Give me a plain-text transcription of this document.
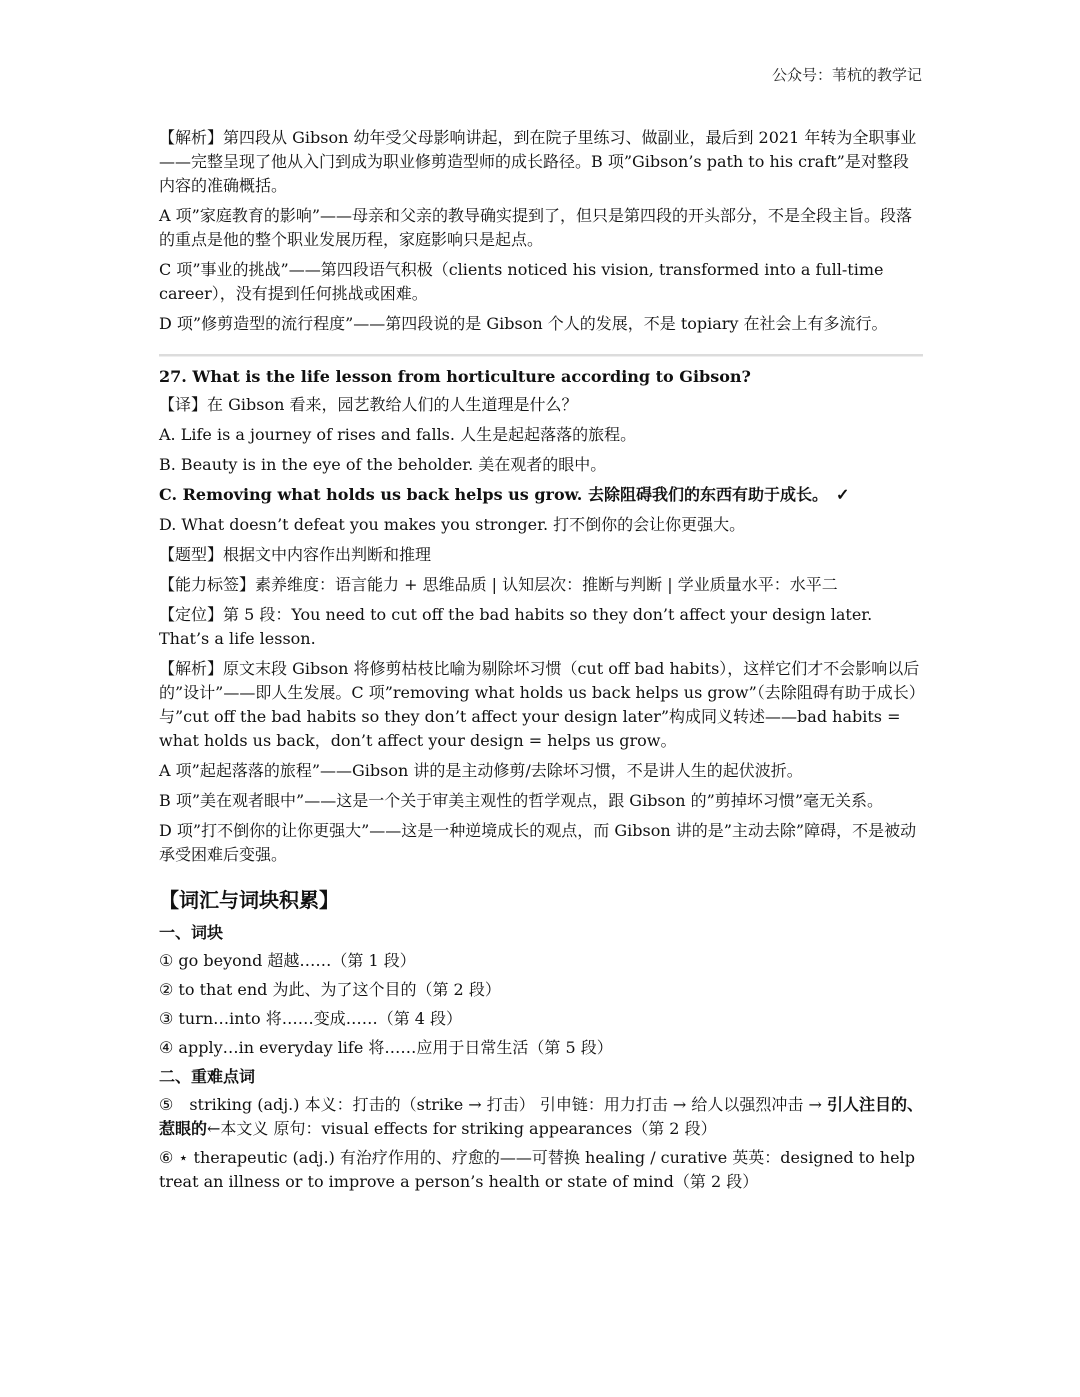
公众号：苇杭的教学记

【解析】第四段从 Gibson 幼年受父母影响讲起，到在院子里练习、做副业，最后到 2021 年转为全职事业——完整呈现了他从入门到成为职业修剪造型师的成长路径。B 项”Gibson’s path to his craft”是对整段内容的准确概括。

A 项”家庭教育的影响”——母亲和父亲的教导确实提到了，但只是第四段的开头部分，不是全段主旨。段落的重点是他的整个职业发展历程，家庭影响只是起点。

C 项”事业的挑战”——第四段语气积极（clients noticed his vision, transformed into a full-time career），没有提到任何挑战或困难。

D 项”修剪造型的流行程度”——第四段说的是 Gibson 个人的发展，不是 topiary 在社会上有多流行。

27. What is the life lesson from horticulture according to Gibson?

【译】在 Gibson 看来，园艺教给人们的人生道理是什么？

A. Life is a journey of rises and falls. 人生是起起落落的旅程。

B. Beauty is in the eye of the beholder. 美在观者的眼中。

C. Removing what holds us back helps us grow. 去除阻碍我们的东西有助于成长。 ✓

D. What doesn’t defeat you makes you stronger. 打不倒你的会让你更强大。

【题型】根据文中内容作出判断和推理

【能力标签】素养维度：语言能力 + 思维品质 | 认知层次：推断与判断 | 学业质量水平：水平二

【定位】第 5 段：You need to cut off the bad habits so they don’t affect your design later. That’s a life lesson.

【解析】原文末段 Gibson 将修剪枯枝比喻为剔除坏习惯（cut off bad habits），这样它们才不会影响以后的”设计”——即人生发展。C 项”removing what holds us back helps us grow”（去除阻碍有助于成长）与”cut off the bad habits so they don’t affect your design later”构成同义转述——bad habits = what holds us back，don’t affect your design = helps us grow。

A 项”起起落落的旅程”——Gibson 讲的是主动修剪/去除坏习惯，不是讲人生的起伏波折。

B 项”美在观者眼中”——这是一个关于审美主观性的哲学观点，跟 Gibson 的”剪掉坏习惯”毫无关系。

D 项”打不倒你的让你更强大”——这是一种逆境成长的观点，而 Gibson 讲的是”主动去除”障碍，不是被动承受困难后变强。

【词汇与词块积累】

一、词块

① go beyond 超越……（第 1 段）

② to that end 为此、为了这个目的（第 2 段）

③ turn…into 将……变成……（第 4 段）

④ apply…in everyday life 将……应用于日常生活（第 5 段）

二、重难点词

⑤　striking (adj.) 本义：打击的（strike → 打击） 引申链：用力打击 → 给人以强烈冲击 → 引人注目的、惹眼的←本文义 原句：visual effects for striking appearances（第 2 段）

⑥ ⋆ therapeutic (adj.) 有治疗作用的、疗愈的——可替换 healing / curative 英英：designed to help treat an illness or to improve a person’s health or state of mind（第 2 段）
